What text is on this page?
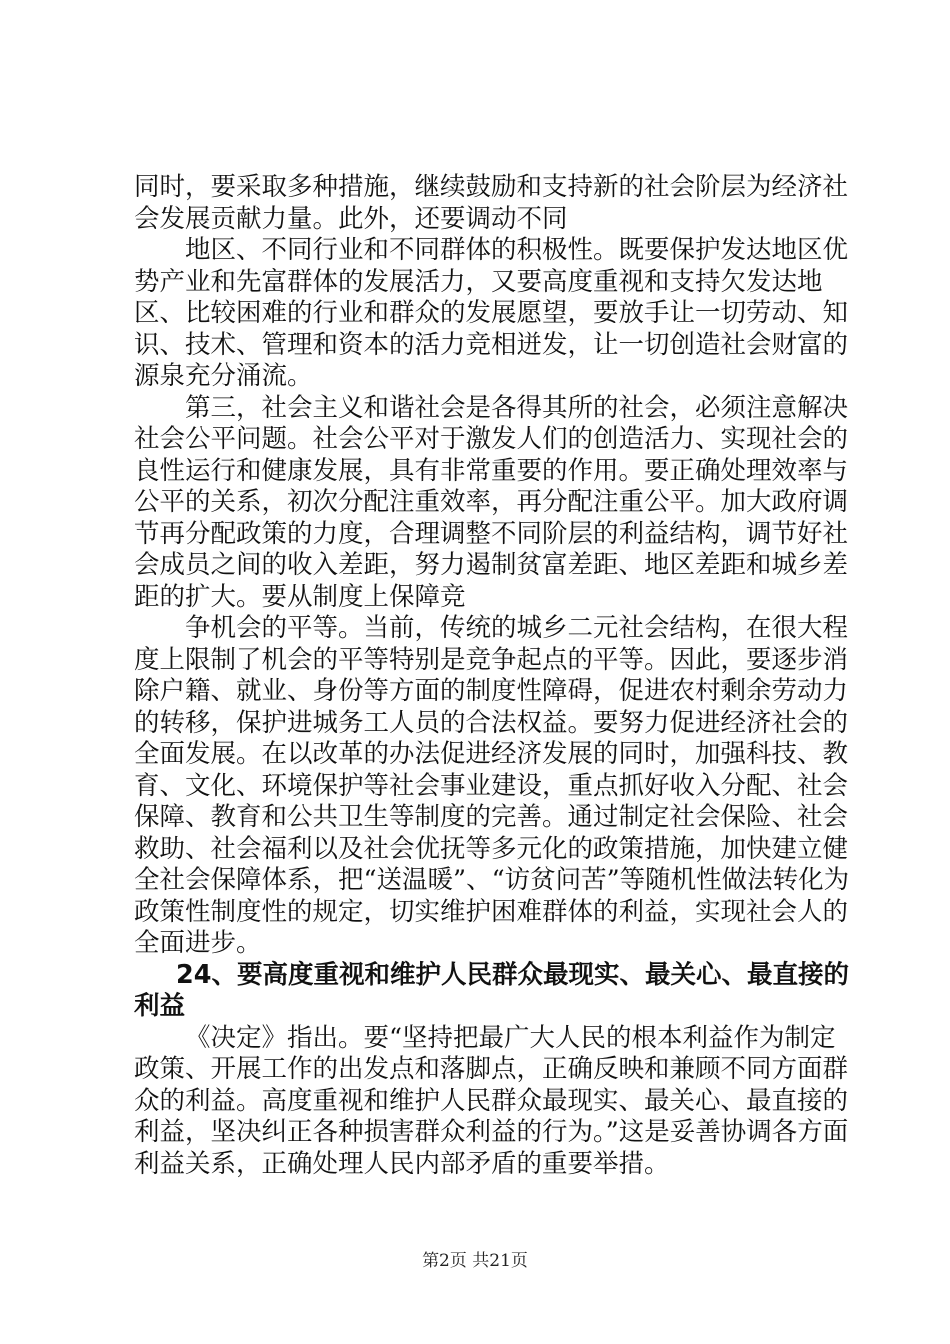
同时，要采取多种措施，继续鼓励和支持新的社会阶层为经济社会发展贡献力量。此外，还要调动不同

地区、不同行业和不同群体的积极性。既要保护发达地区优势产业和先富群体的发展活力，又要高度重视和支持欠发达地区、比较困难的行业和群众的发展愿望，要放手让一切劳动、知识、技术、管理和资本的活力竞相迸发，让一切创造社会财富的源泉充分涌流。

第三，社会主义和谐社会是各得其所的社会，必须注意解决社会公平问题。社会公平对于激发人们的创造活力、实现社会的良性运行和健康发展，具有非常重要的作用。要正确处理效率与公平的关系，初次分配注重效率，再分配注重公平。加大政府调节再分配政策的力度，合理调整不同阶层的利益结构，调节好社会成员之间的收入差距，努力遏制贫富差距、地区差距和城乡差距的扩大。要从制度上保障竞

争机会的平等。当前，传统的城乡二元社会结构，在很大程度上限制了机会的平等特别是竞争起点的平等。因此，要逐步消除户籍、就业、身份等方面的制度性障碍，促进农村剩余劳动力的转移，保护进城务工人员的合法权益。要努力促进经济社会的全面发展。在以改革的办法促进经济发展的同时，加强科技、教育、文化、环境保护等社会事业建设，重点抓好收入分配、社会保障、教育和公共卫生等制度的完善。通过制定社会保险、社会救助、社会福利以及社会优抚等多元化的政策措施，加快建立健全社会保障体系，把“送温暖”、“访贫问苦”等随机性做法转化为政策性制度性的规定，切实维护困难群体的利益，实现社会人的全面进步。

24、要高度重视和维护人民群众最现实、最关心、最直接的利益

《决定》指出。要“坚持把最广大人民的根本利益作为制定政策、开展工作的出发点和落脚点，正确反映和兼顾不同方面群众的利益。高度重视和维护人民群众最现实、最关心、最直接的利益，坚决纠正各种损害群众利益的行为。”这是妥善协调各方面利益关系，正确处理人民内部矛盾的重要举措。

第2页 共21页
